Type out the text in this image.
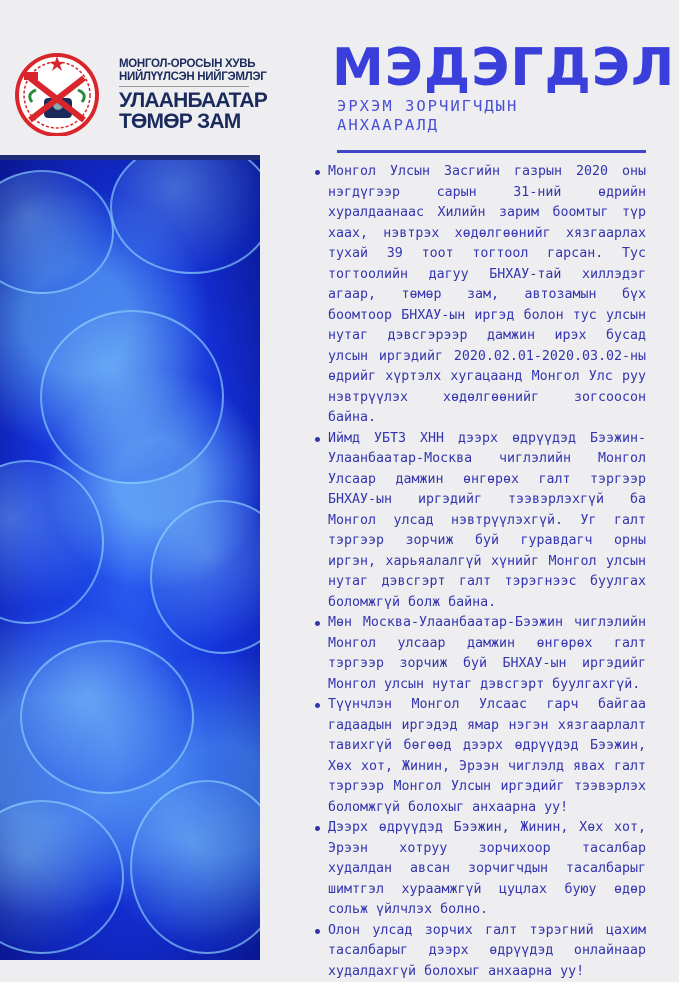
МОНГОЛ-ОРОСЫН ХУВЬ
НИЙЛҮҮЛСЭН НИЙГЭМЛЭГ
УЛААНБААТАР
ТӨМӨР ЗАМ
МЭДЭГДЭЛ
ЭРХЭМ ЗОРЧИГЧДЫН
АНХААРАЛД
Монгол Улсын Засгийн газрын 2020 оны нэгдүгээр сарын 31-ний өдрийн хуралдаанаас Хилийн зарим боомтыг түр хаах, нэвтрэх хөдөлгөөнийг хязгаарлах тухай 39 тоот тогтоол гарсан. Тус тогтоолийн дагуу БНХАУ-тай хиллэдэг агаар, төмөр зам, автозамын бүх боомтоор БНХАУ-ын иргэд болон тус улсын нутаг дэвсгэрээр дамжин ирэх бусад улсын иргэдийг 2020.02.01-2020.03.02-ны өдрийг хүртэлх хугацаанд Монгол Улс руу нэвтрүүлэх хөдөлгөөнийг зогсоосон байна.
Иймд УБТЗ ХНН дээрх өдрүүдэд Бээжин-Улаанбаатар-Москва чиглэлийн Монгол Улсаар дамжин өнгөрөх галт тэргээр БНХАУ-ын иргэдийг тээвэрлэхгүй ба Монгол улсад нэвтрүүлэхгүй. Уг галт тэргээр зорчиж буй гуравдагч орны иргэн, харьяалалгүй хүнийг Монгол улсын нутаг дэвсгэрт галт тэрэгнээс буулгах боломжгүй болж байна.
Мөн Москва-Улаанбаатар-Бээжин чиглэлийн Монгол улсаар дамжин өнгөрөх галт тэргээр зорчиж буй БНХАУ-ын иргэдийг Монгол улсын нутаг дэвсгэрт буулгахгүй.
Түүнчлэн Монгол Улсаас гарч байгаа гадаадын иргэдэд ямар нэгэн хязгаарлалт тавихгүй бөгөөд дээрх өдрүүдэд Бээжин, Хөх хот, Жинин, Эрээн чиглэлд явах галт тэргээр Монгол Улсын иргэдийг тээвэрлэх боломжгүй болохыг анхаарна уу!
Дээрх өдрүүдэд Бээжин, Жинин, Хөх хот, Эрээн хотруу зорчихоор тасалбар худалдан авсан зорчигчдын тасалбарыг шимтгэл хураамжгүй цуцлах буюу өдөр сольж үйлчлэх болно.
Олон улсад зорчих галт тэрэгний цахим тасалбарыг дээрх өдрүүдэд онлайнаар худалдахгүй болохыг анхаарна уу!
